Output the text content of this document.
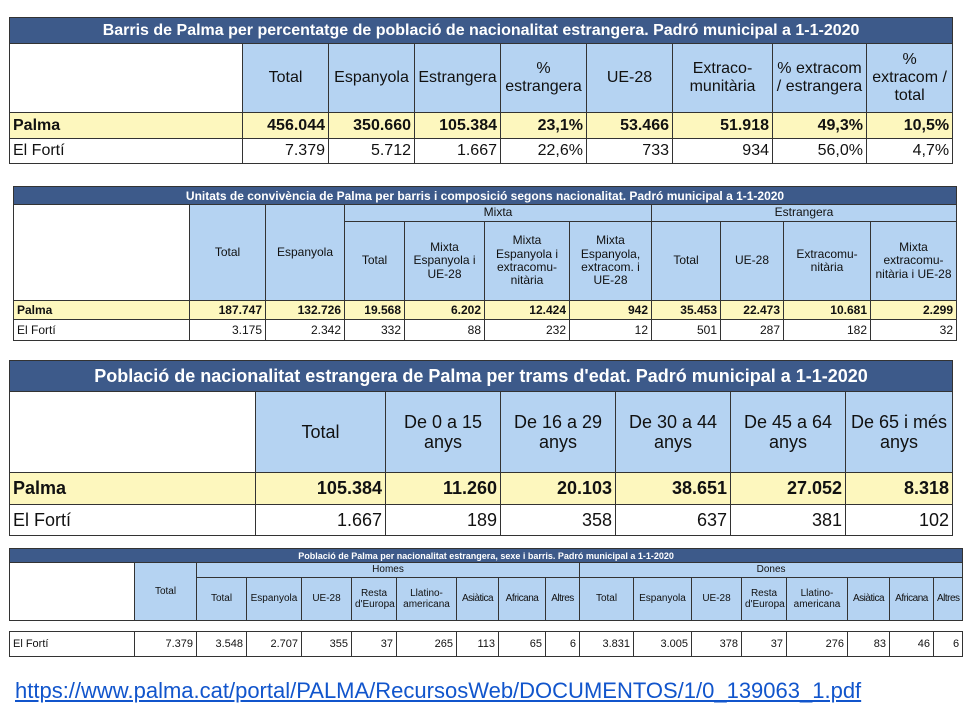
Barris de Palma per percentatge de població de nacionalitat estrangera. Padró municipal a 1-1-2020								
	Total	Espanyola	Estrangera	% estrangera	UE-28	Extraco-munitària	% extracom / estrangera	% extracom / total
Palma	456.044	350.660	105.384	23,1%	53.466	51.918	49,3%	10,5%
El Fortí	7.379	5.712	1.667	22,6%	733	934	56,0%	4,7%
Unitats de convivència de Palma per barris i composició segons nacionalitat. Padró municipal a 1-1-2020										
	Total	Espanyola	Mixta				Estrangera			
			Total	Mixta Espanyola i UE-28	Mixta Espanyola i extracomu-nitària	Mixta Espanyola, extracom. i UE-28	Total	UE-28	Extracomu-nitària	Mixta extracomu-nitària i UE-28
Palma	187.747	132.726	19.568	6.202	12.424	942	35.453	22.473	10.681	2.299
El Fortí	3.175	2.342	332	88	232	12	501	287	182	32
Població de nacionalitat estrangera de Palma per trams d'edat. Padró municipal a 1-1-2020						
	Total	De 0 a 15 anys	De 16 a 29 anys	De 30 a 44 anys	De 45 a 64 anys	De 65 i més anys
Palma	105.384	11.260	20.103	38.651	27.052	8.318
El Fortí	1.667	189	358	637	381	102
Població de Palma per nacionalitat estrangera, sexe i barris. Padró municipal a 1-1-2020																	
	Total	Homes								Dones							
		Total	Espanyola	UE-28	Resta d'Europa	Llatino-americana	Asiàtica	Africana	Altres	Total	Espanyola	UE-28	Resta d'Europa	Llatino-americana	Asiàtica	Africana	Altres

El Fortí	7.379	3.548	2.707	355	37	265	113	65	6	3.831	3.005	378	37	276	83	46	6
https://www.palma.cat/portal/PALMA/RecursosWeb/DOCUMENTOS/1/0_139063_1.pdf
